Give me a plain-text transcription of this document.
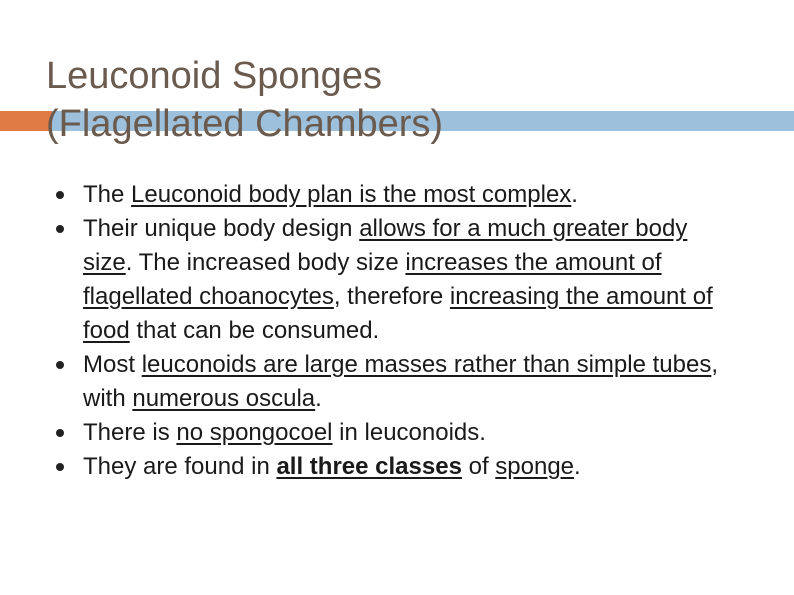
Leuconoid Sponges
(Flagellated Chambers)
The Leuconoid body plan is the most complex.
Their unique body design allows for a much greater body size. The increased body size increases the amount of flagellated choanocytes, therefore increasing the amount of food that can be consumed.
Most leuconoids are large masses rather than simple tubes, with numerous oscula.
There is no spongocoel in leuconoids.
They are found in all three classes of sponge.
